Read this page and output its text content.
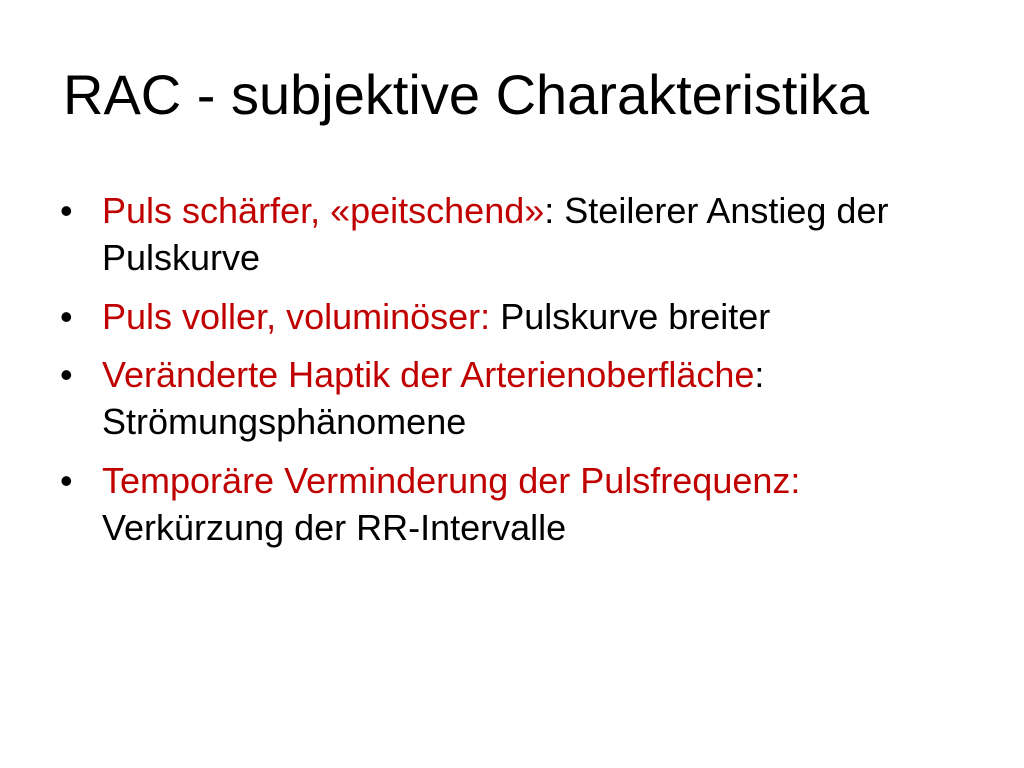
RAC - subjektive Charakteristika
• Puls schärfer, «peitschend»: Steilerer Anstieg der Pulskurve
• Puls voller, voluminöser: Pulskurve breiter
• Veränderte Haptik der Arterienoberfläche: Strömungsphänomene
• Temporäre Verminderung der Pulsfrequenz: Verkürzung der RR-Intervalle
